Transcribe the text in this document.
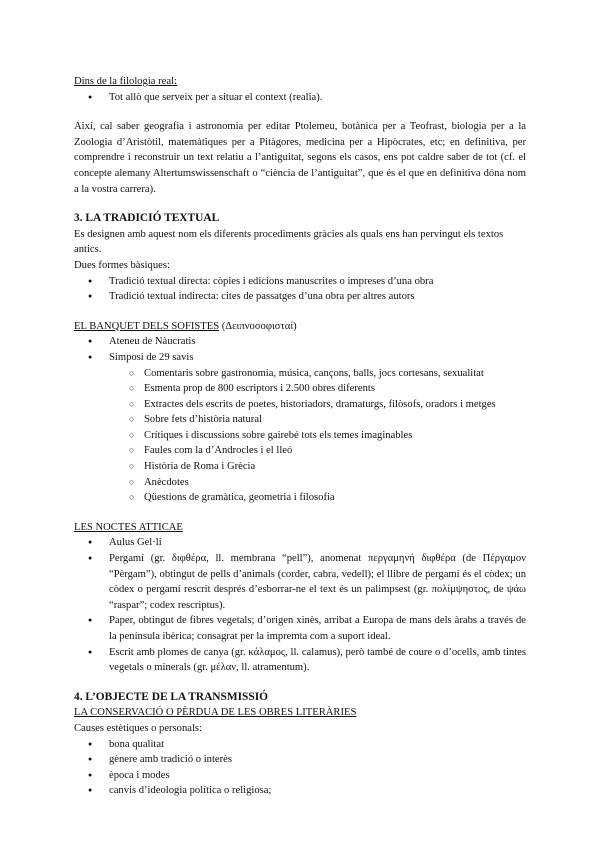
Dins de la filologia real:
● Tot allò que serveix per a situar el context (realia).
Així, cal saber geografia i astronomia per editar Ptolemeu, botànica per a Teofrast, biologia per a la Zoologia d’Aristòtil, matemàtiques per a Pitàgores, medicina per a Hipòcrates, etc; en definitiva, per comprendre i reconstruir un text relatiu a l’antiguitat, segons els casos, ens pot caldre saber de tot (cf. el concepte alemany Altertumswissenschaft o “ciència de l’antiguitat”, que és el que en definitiva dóna nom a la vostra carrera).
3. LA TRADICIÓ TEXTUAL
Es designen amb aquest nom els diferents procediments gràcies als quals ens han pervingut els textos antics.
Dues formes bàsiques:
● Tradició textual directa: còpies i edicions manuscrites o impreses d’una obra
● Tradició textual indirecta: cites de passatges d’una obra per altres autors
EL BANQUET DELS SOFISTES (Δειπνοσοφισταί)
● Ateneu de Nàucratis
● Simposi de 29 savis
○ Comentaris sobre gastronomia, música, cançons, balls, jocs cortesans, sexualitat
○ Esmenta prop de 800 escriptors i 2.500 obres diferents
○ Extractes dels escrits de poetes, historiadors, dramaturgs, filòsofs, oradors i metges
○ Sobre fets d’història natural
○ Crítiques i discussions sobre gairebé tots els temes imaginables
○ Faules com la d’Androcles i el lleó
○ Història de Roma i Grècia
○ Anècdotes
○ Qüestions de gramàtica, geometria i filosofia
LES NOCTES ATTICAE
● Aulus Gel·li
● Pergamí (gr. διφθέρα, ll. membrana “pell”), anomenat περγαμηνή διφθέρα (de Πέργαμον “Pèrgam”), obtingut de pells d’animals (corder, cabra, vedell); el llibre de pergamí és el còdex; un còdex o pergamí rescrit després d’esborrar-ne el text és un palimpsest (gr. πολίμψηστος, de ψάω “raspar”; codex rescriptus).
● Paper, obtingut de fibres vegetals; d’origen xinès, arribat a Europa de mans dels àrabs a través de la península ibèrica; consagrat per la impremta com a suport ideal.
● Escrit amb plomes de canya (gr. κάλαμος, ll. calamus), però també de coure o d’ocells, amb tintes vegetals o minerals (gr. μέλαν, ll. atramentum).
4. L’OBJECTE DE LA TRANSMISSIÓ
LA CONSERVACIÓ O PÈRDUA DE LES OBRES LITERÀRIES
Causes estètiques o personals:
● bona qualitat
● gènere amb tradició o interès
● època i modes
● canvis d’ideologia política o religiosa;
